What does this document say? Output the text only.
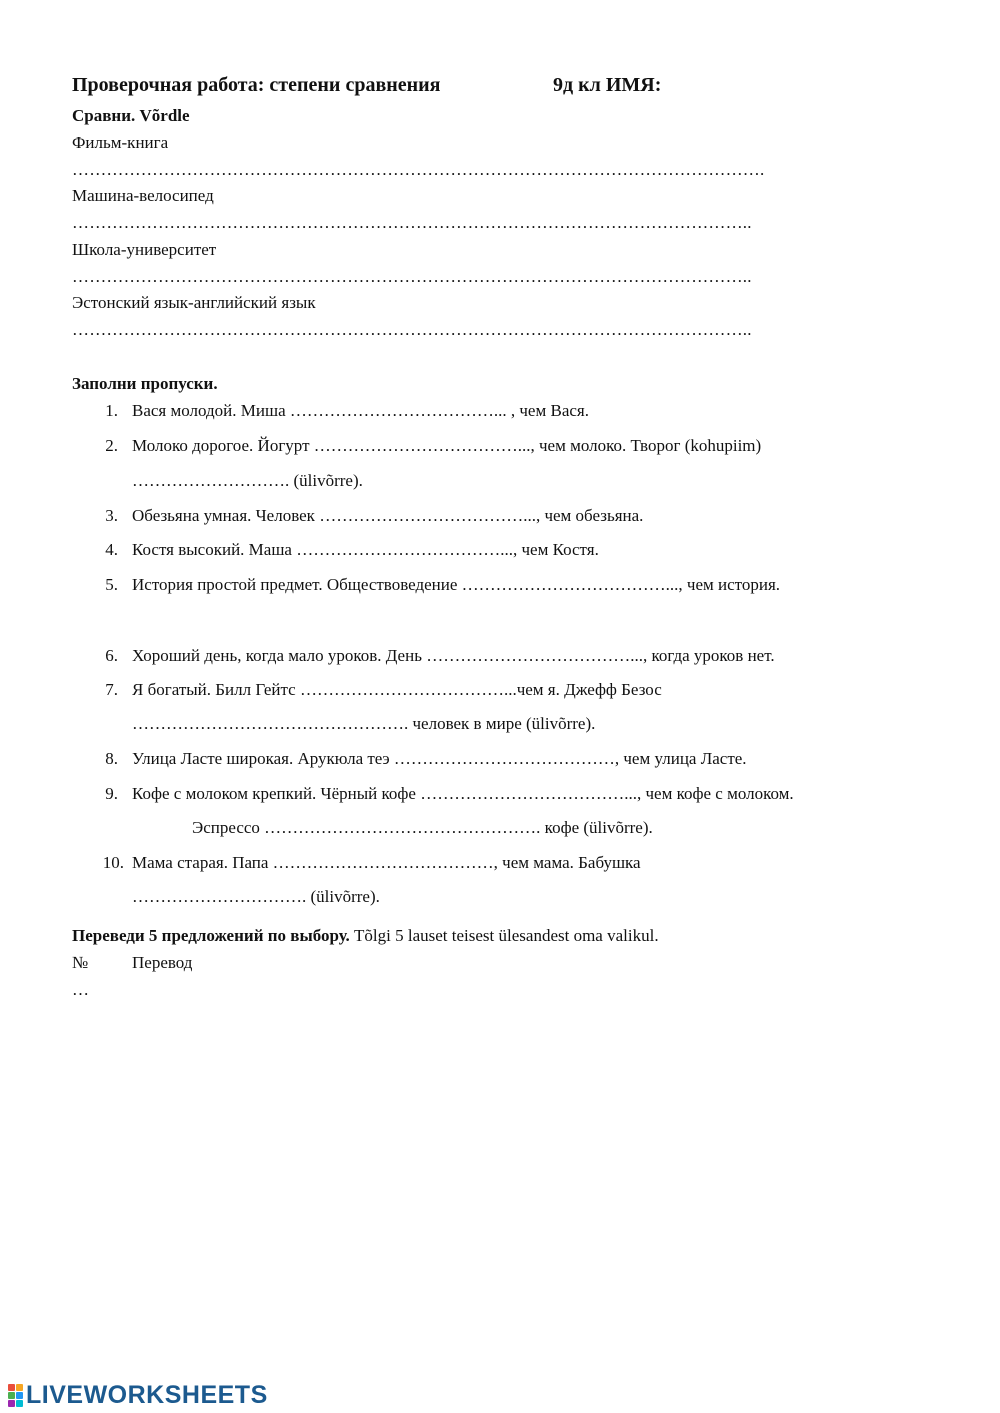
Проверочная работа: степени сравнения	9д кл ИМЯ:
Сравни. Võrdle
Фильм-книга
………………………………………………………………………………………………………….
Машина-велосипед
………………………………………………………………………………………………………..
Школа-университет
………………………………………………………………………………………………………..
Эстонский язык-английский язык
………………………………………………………………………………………………………..
Заполни пропуски.
1. Вася молодой. Миша ………………………………... , чем Вася.
2. Молоко дорогое. Йогурт ………………………………..., чем молоко. Творог (kohupiim)
………………………. (ülivõrre).
3. Обезьяна умная. Человек ………………………………..., чем обезьяна.
4. Костя высокий. Маша ………………………………..., чем Костя.
5. История простой предмет. Обществоведение ………………………………..., чем история.
6. Хороший день, когда мало уроков. День ………………………………..., когда уроков нет.
7. Я богатый. Билл Гейтс ………………………………...чем я. Джефф Безос
…………………………………………. человек в мире (ülivõrre).
8. Улица Ласте широкая. Арукюла теэ …………………………………, чем улица Ласте.
9. Кофе с молоком крепкий. Чёрный кофе ………………………………..., чем кофе с молоком.
Эспрессо …………………………………………. кофе (ülivõrre).
10. Мама старая. Папа …………………………………, чем мама. Бабушка
…………………………. (ülivõrre).
Переведи 5 предложений по выбору. Tõlgi 5 lauset teisest ülesandest oma valikul.
№	Перевод
…
LIVEWORKSHEETS
